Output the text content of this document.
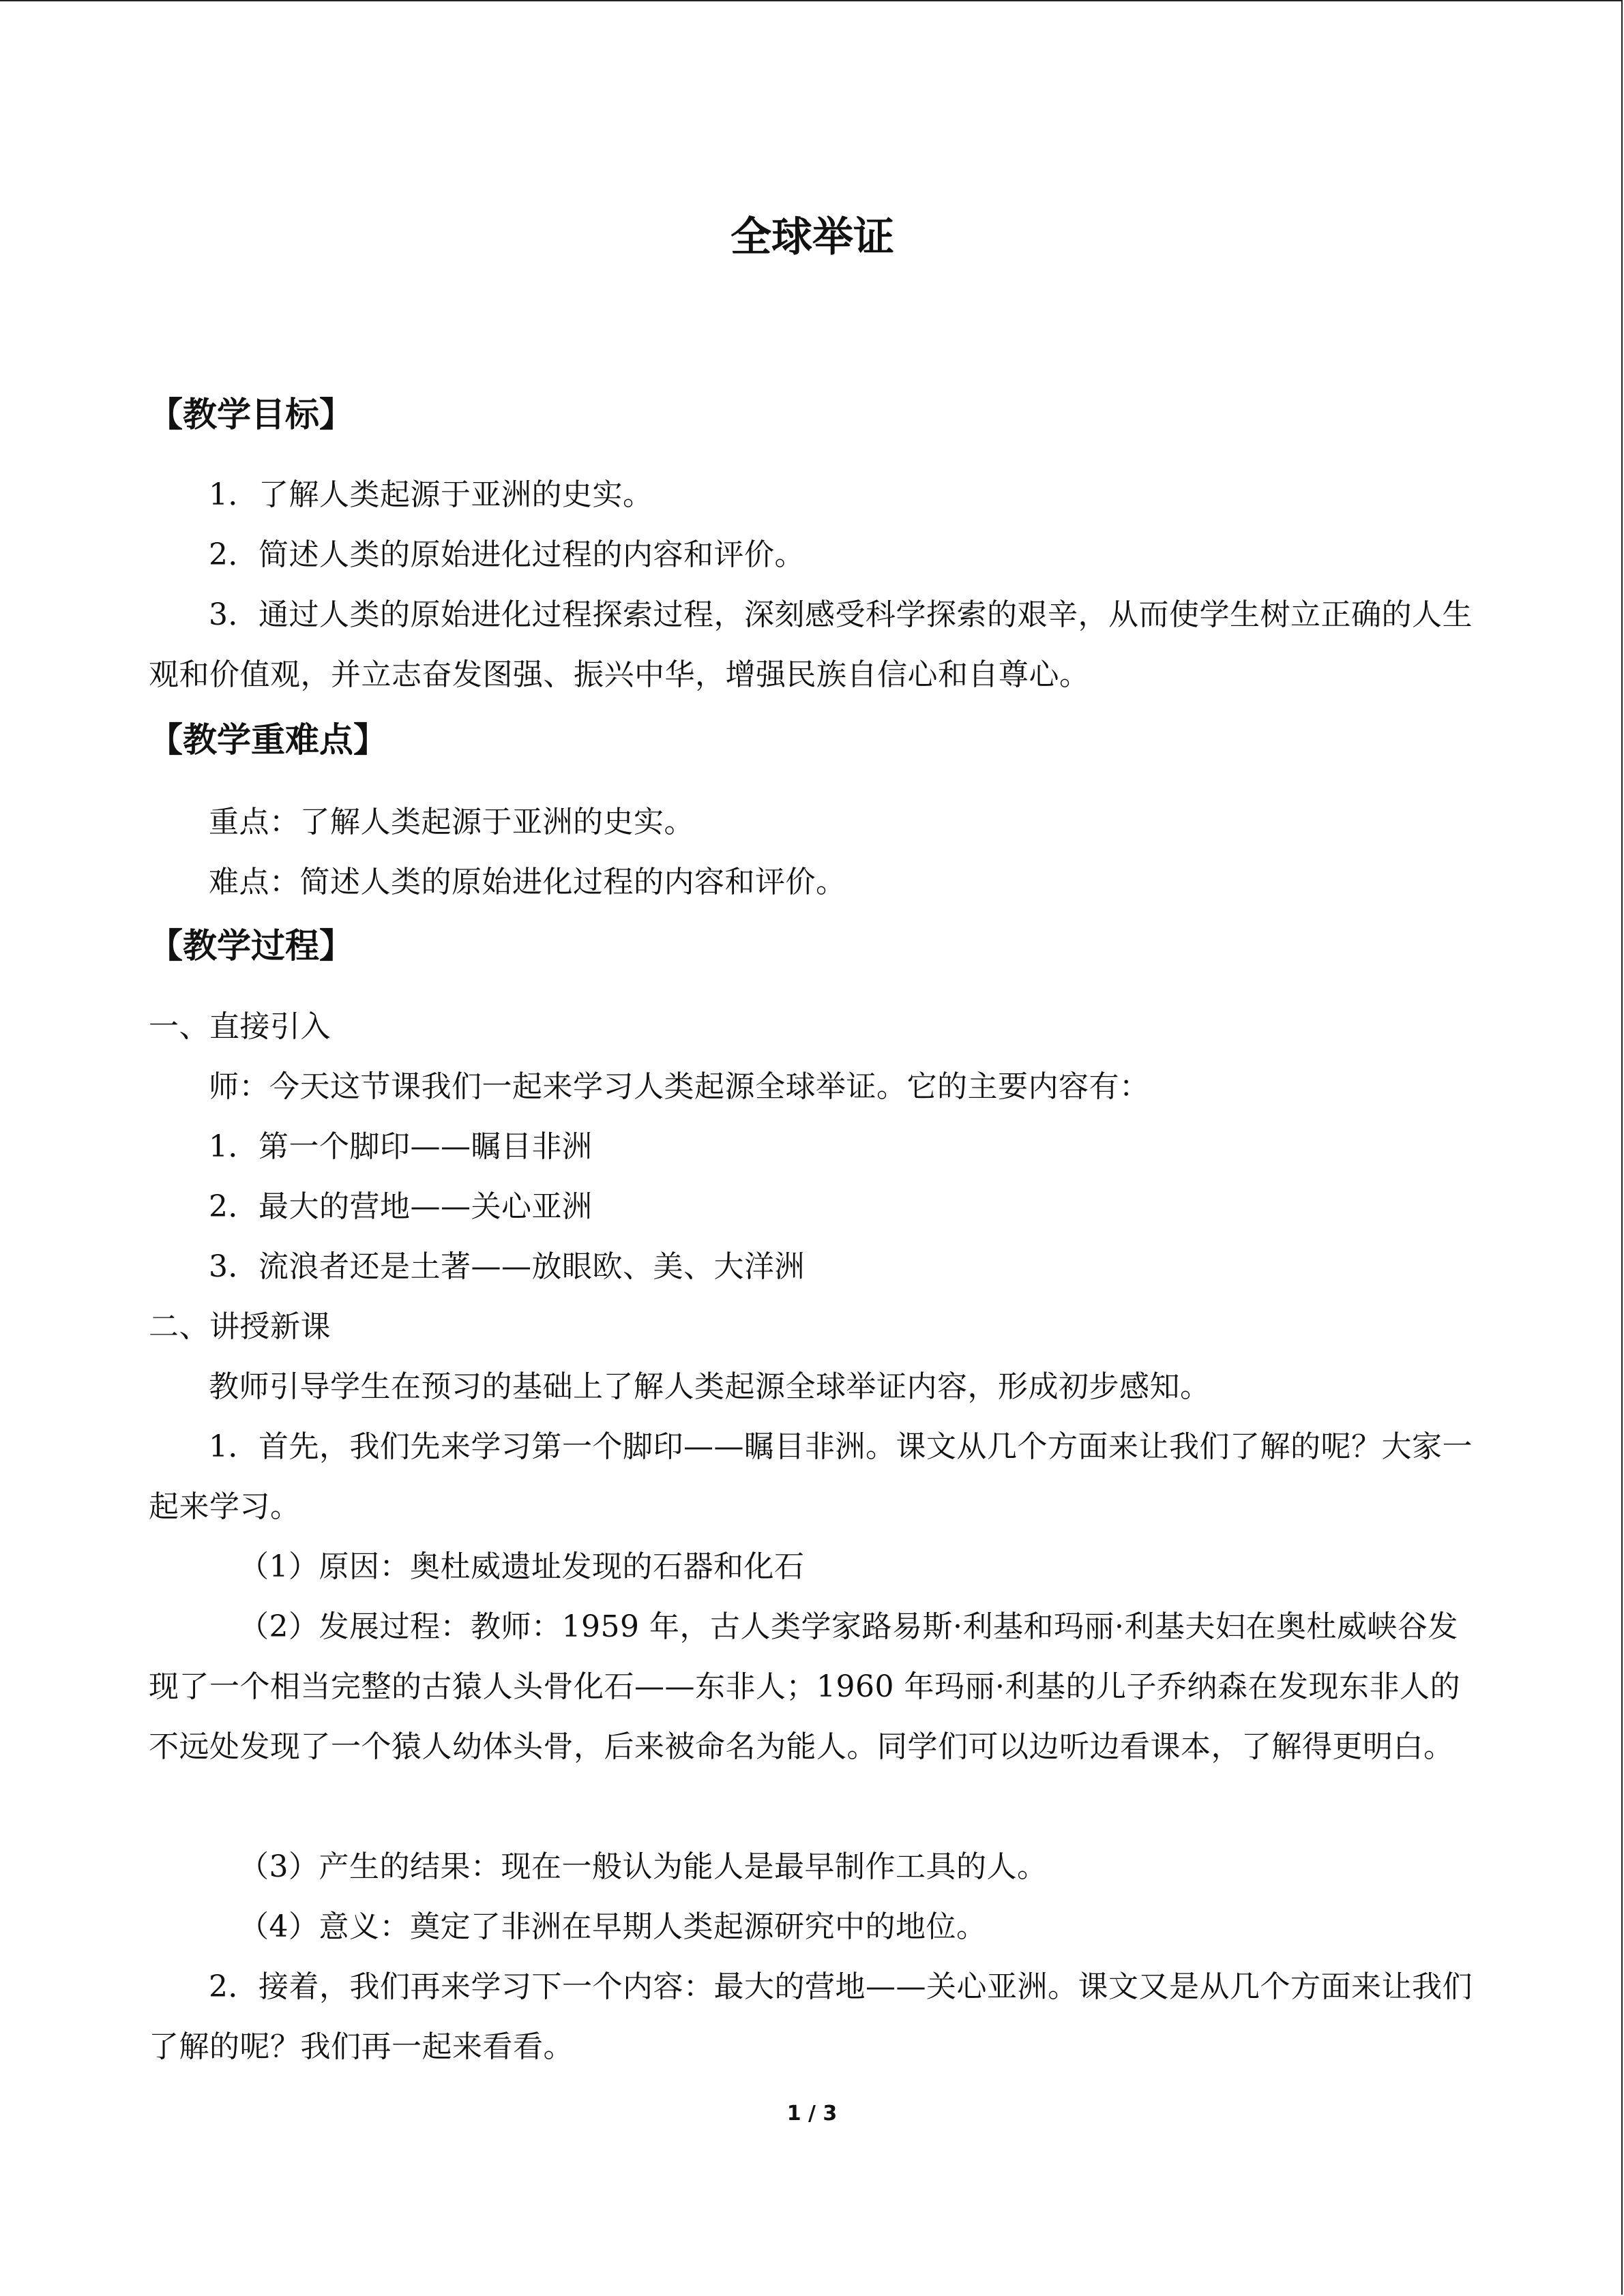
全球举证
【教学目标】
1．了解人类起源于亚洲的史实。
2．简述人类的原始进化过程的内容和评价。
3．通过人类的原始进化过程探索过程，深刻感受科学探索的艰辛，从而使学生树立正确的人生观和价值观，并立志奋发图强、振兴中华，增强民族自信心和自尊心。
【教学重难点】
重点：了解人类起源于亚洲的史实。
难点：简述人类的原始进化过程的内容和评价。
【教学过程】
一、直接引入
师：今天这节课我们一起来学习人类起源全球举证。它的主要内容有：
1．第一个脚印——瞩目非洲
2．最大的营地——关心亚洲
3．流浪者还是土著——放眼欧、美、大洋洲
二、讲授新课
教师引导学生在预习的基础上了解人类起源全球举证内容，形成初步感知。
1．首先，我们先来学习第一个脚印——瞩目非洲。课文从几个方面来让我们了解的呢？大家一起来学习。
（1）原因：奥杜威遗址发现的石器和化石
（2）发展过程：教师：1959 年，古人类学家路易斯·利基和玛丽·利基夫妇在奥杜威峡谷发现了一个相当完整的古猿人头骨化石——东非人；1960 年玛丽·利基的儿子乔纳森在发现东非人的不远处发现了一个猿人幼体头骨，后来被命名为能人。同学们可以边听边看课本，了解得更明白。
（3）产生的结果：现在一般认为能人是最早制作工具的人。
（4）意义：奠定了非洲在早期人类起源研究中的地位。
2．接着，我们再来学习下一个内容：最大的营地——关心亚洲。课文又是从几个方面来让我们了解的呢？我们再一起来看看。
1 / 3
